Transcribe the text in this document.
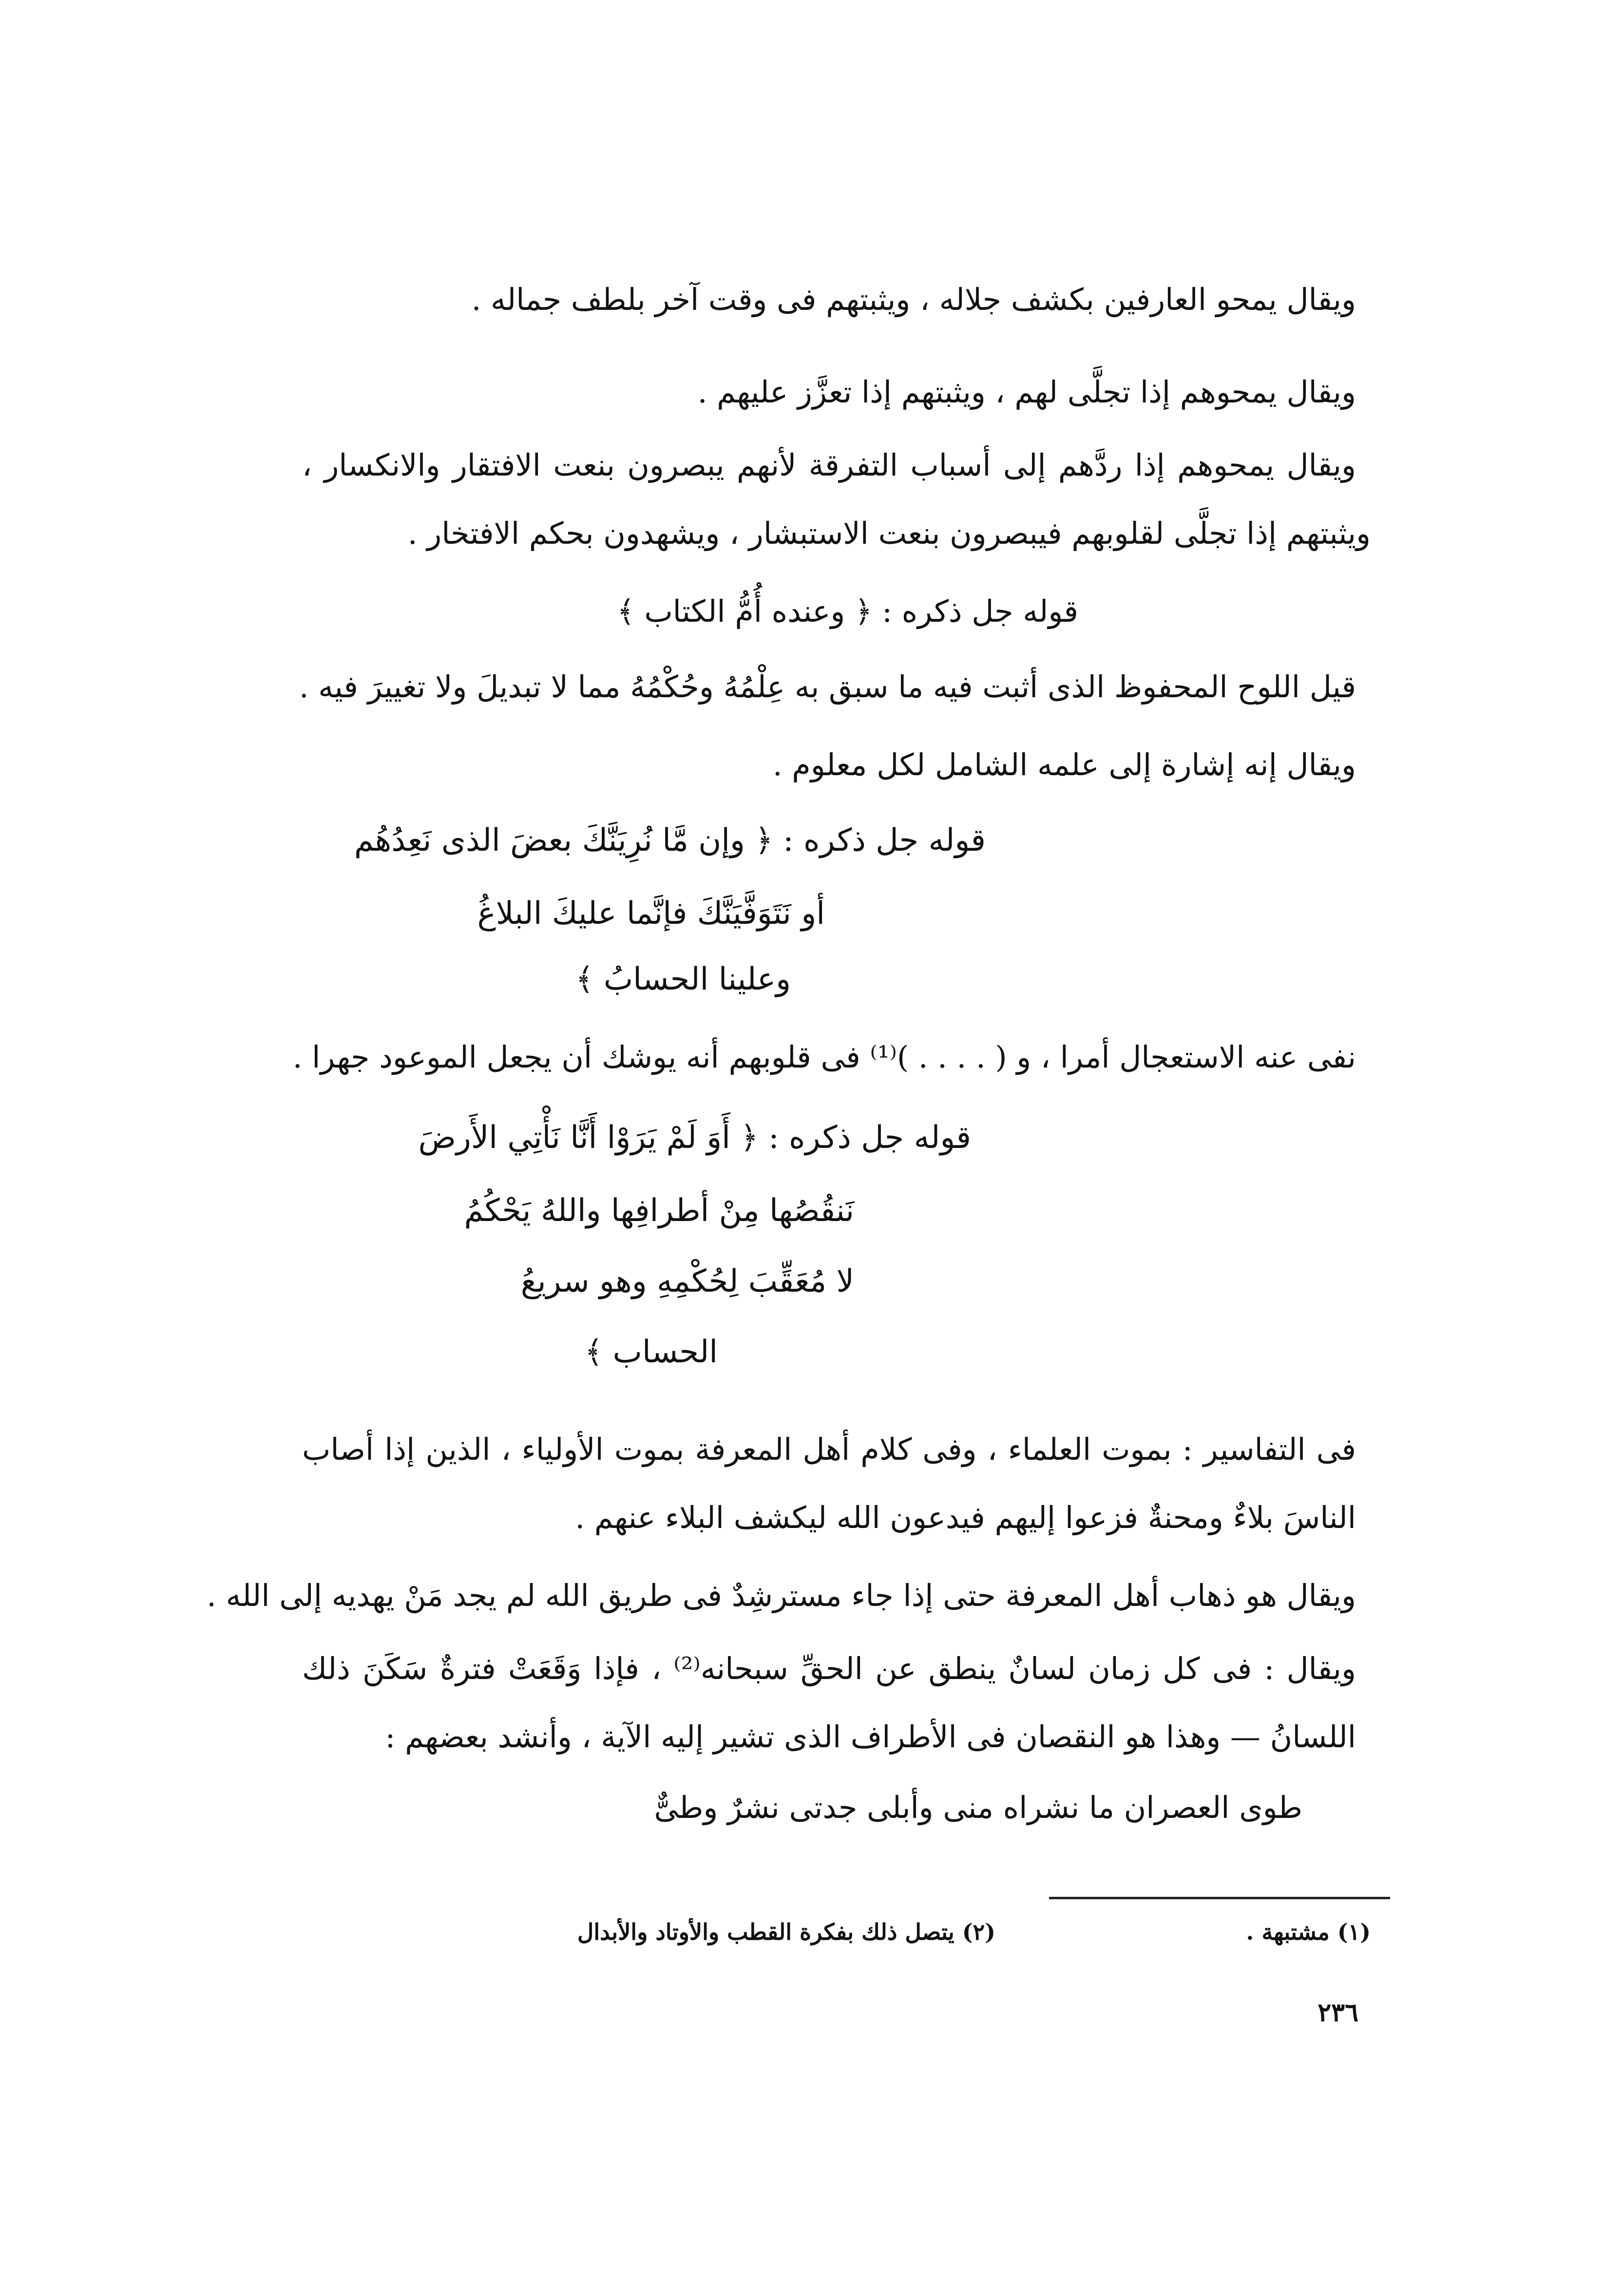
ويقال يمحو العارفين بكشف جلاله ، ويثبتهم فى وقت آخر بلطف جماله .
ويقال يمحوهم إذا تجلَّى لهم ، ويثبتهم إذا تعزَّز عليهم .
ويقال يمحوهم إذا ردَّهم إلى أسباب التفرقة لأنهم يبصرون بنعت الافتقار والانكسار ،
ويثبتهم إذا تجلَّى لقلوبهم فيبصرون بنعت الاستبشار ، ويشهدون بحكم الافتخار .
قوله جل ذكره : ﴿ وعنده أُمُّ الكتاب ﴾
قيل اللوح المحفوظ الذى أثبت فيه ما سبق به عِلْمُهُ وحُكْمُهُ مما لا تبديلَ ولا تغييرَ فيه .
ويقال إنه إشارة إلى علمه الشامل لكل معلوم .
قوله جل ذكره : ﴿ وإن مَّا نُرِيَنَّكَ بعضَ الذى نَعِدُهُم
أو نَتَوَفَّيَنَّكَ فإنَّما عليكَ البلاغُ
وعلينا الحسابُ ﴾
نفى عنه الاستعجال أمرا ، و ( . . . . )⁽¹⁾ فى قلوبهم أنه يوشك أن يجعل الموعود جهرا .
قوله جل ذكره : ﴿ أَوَ لَمْ يَرَوْا أَنَّا نَأْتِي الأَرضَ
نَنقُصُها مِنْ أطرافِها واللهُ يَحْكُمُ
لا مُعَقِّبَ لِحُكْمِهِ وهو سريعُ
الحساب ﴾
فى التفاسير : بموت العلماء ، وفى كلام أهل المعرفة بموت الأولياء ، الذين إذا أصاب
الناسَ بلاءٌ ومحنةٌ فزعوا إليهم فيدعون الله ليكشف البلاء عنهم .
ويقال هو ذهاب أهل المعرفة حتى إذا جاء مسترشِدٌ فى طريق الله لم يجد مَنْ يهديه إلى الله .
ويقال : فى كل زمان لسانٌ ينطق عن الحقِّ سبحانه⁽²⁾ ، فإذا وَقَعَتْ فترةٌ سَكَنَ ذلك
اللسانُ — وهذا هو النقصان فى الأطراف الذى تشير إليه الآية ، وأنشد بعضهم :
طوى العصران ما نشراه منى وأبلى جدتى نشرٌ وطىٌّ
(١) مشتبهة .
(٢) يتصل ذلك بفكرة القطب والأوتاد والأبدال
٢٣٦
